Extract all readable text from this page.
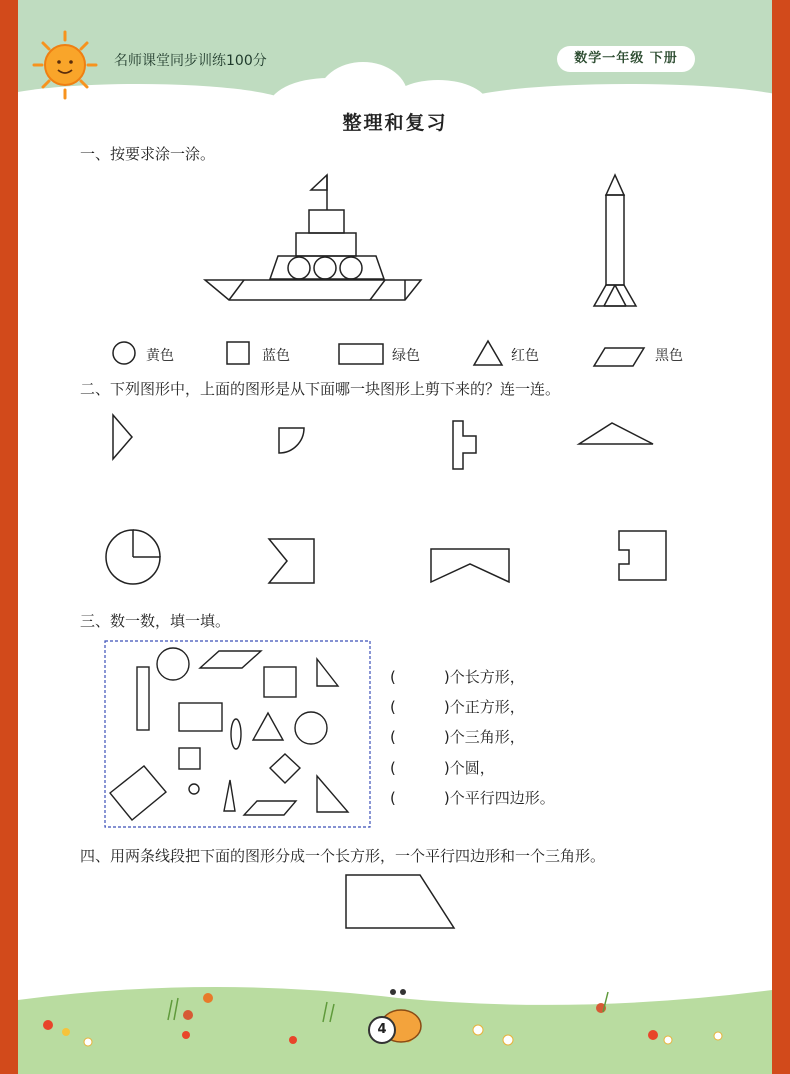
名师课堂同步训练100分	数学一年级 下册
整理和复习
一、按要求涂一涂。
黄色	蓝色	绿色	红色	黑色
二、下列图形中，上面的图形是从下面哪一块图形上剪下来的？连一连。
三、数一数，填一填。
(	)个长方形，
(	)个正方形，
(	)个三角形，
(	)个圆，
(	)个平行四边形。
四、用两条线段把下面的图形分成一个长方形，一个平行四边形和一个三角形。
4
